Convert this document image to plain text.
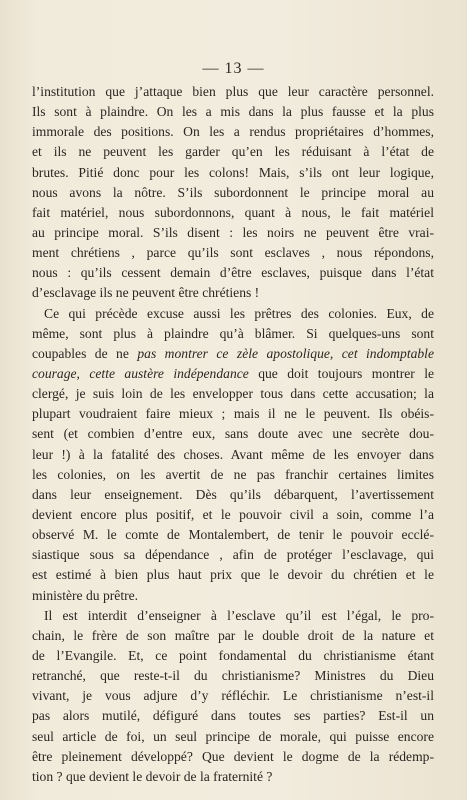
— 13 —
l’institution que j’attaque bien plus que leur caractère personnel.
Ils sont à plaindre. On les a mis dans la plus fausse et la plus
immorale des positions. On les a rendus propriétaires d’hommes,
et ils ne peuvent les garder qu’en les réduisant à l’état de
brutes. Pitié donc pour les colons! Mais, s’ils ont leur logique,
nous avons la nôtre. S’ils subordonnent le principe moral au
fait matériel, nous subordonnons, quant à nous, le fait matériel
au principe moral. S’ils disent : les noirs ne peuvent être vrai-
ment chrétiens , parce qu’ils sont esclaves , nous répondons,
nous : qu’ils cessent demain d’être esclaves, puisque dans l’état
d’esclavage ils ne peuvent être chrétiens !
Ce qui précède excuse aussi les prêtres des colonies. Eux, de
même, sont plus à plaindre qu’à blâmer. Si quelques-uns sont
coupables de ne pas montrer ce zèle apostolique, cet indomptable
courage, cette austère indépendance que doit toujours montrer le
clergé, je suis loin de les envelopper tous dans cette accusation; la
plupart voudraient faire mieux ; mais il ne le peuvent. Ils obéis-
sent (et combien d’entre eux, sans doute avec une secrète dou-
leur !) à la fatalité des choses. Avant même de les envoyer dans
les colonies, on les avertit de ne pas franchir certaines limites
dans leur enseignement. Dès qu’ils débarquent, l’avertissement
devient encore plus positif, et le pouvoir civil a soin, comme l’a
observé M. le comte de Montalembert, de tenir le pouvoir ecclé-
siastique sous sa dépendance , afin de protéger l’esclavage, qui
est estimé à bien plus haut prix que le devoir du chrétien et le
ministère du prêtre.
Il est interdit d’enseigner à l’esclave qu’il est l’égal, le pro-
chain, le frère de son maître par le double droit de la nature et
de l’Evangile. Et, ce point fondamental du christianisme étant
retranché, que reste-t-il du christianisme? Ministres du Dieu
vivant, je vous adjure d’y réfléchir. Le christianisme n’est-il
pas alors mutilé, défiguré dans toutes ses parties? Est-il un
seul article de foi, un seul principe de morale, qui puisse encore
être pleinement développé? Que devient le dogme de la rédemp-
tion ? que devient le devoir de la fraternité ?
